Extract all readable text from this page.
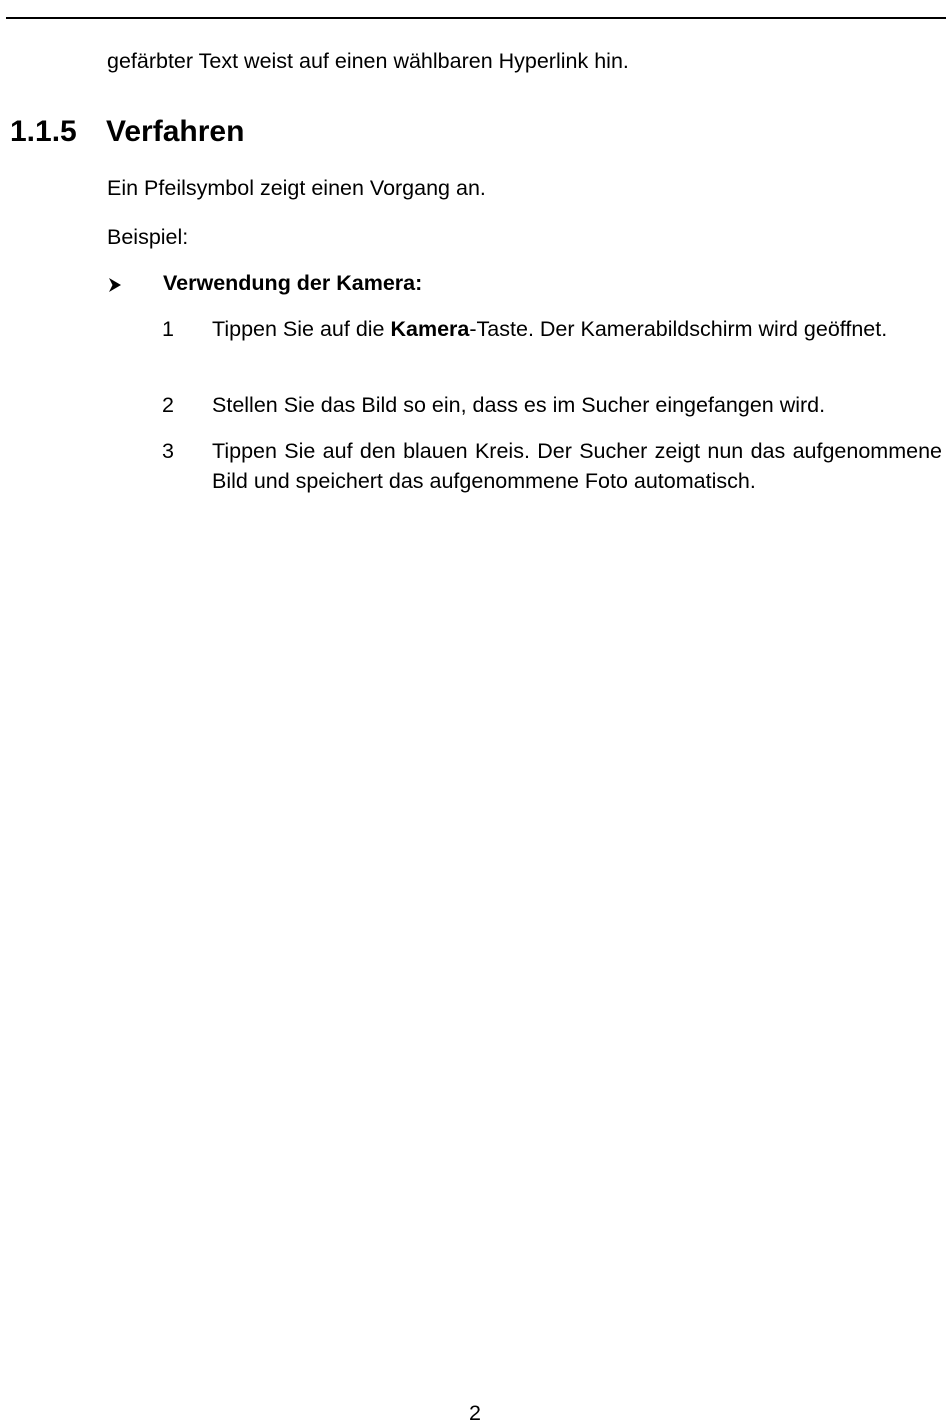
gefärbter Text weist auf einen wählbaren Hyperlink hin.

1.1.5 Verfahren

Ein Pfeilsymbol zeigt einen Vorgang an.

Beispiel:

Verwendung der Kamera:
1 Tippen Sie auf die Kamera-Taste. Der Kamerabildschirm wird geöffnet.

2 Stellen Sie das Bild so ein, dass es im Sucher eingefangen wird.

3 Tippen Sie auf den blauen Kreis. Der Sucher zeigt nun das aufgenommene Bild und speichert das aufgenommene Foto automatisch.

2
